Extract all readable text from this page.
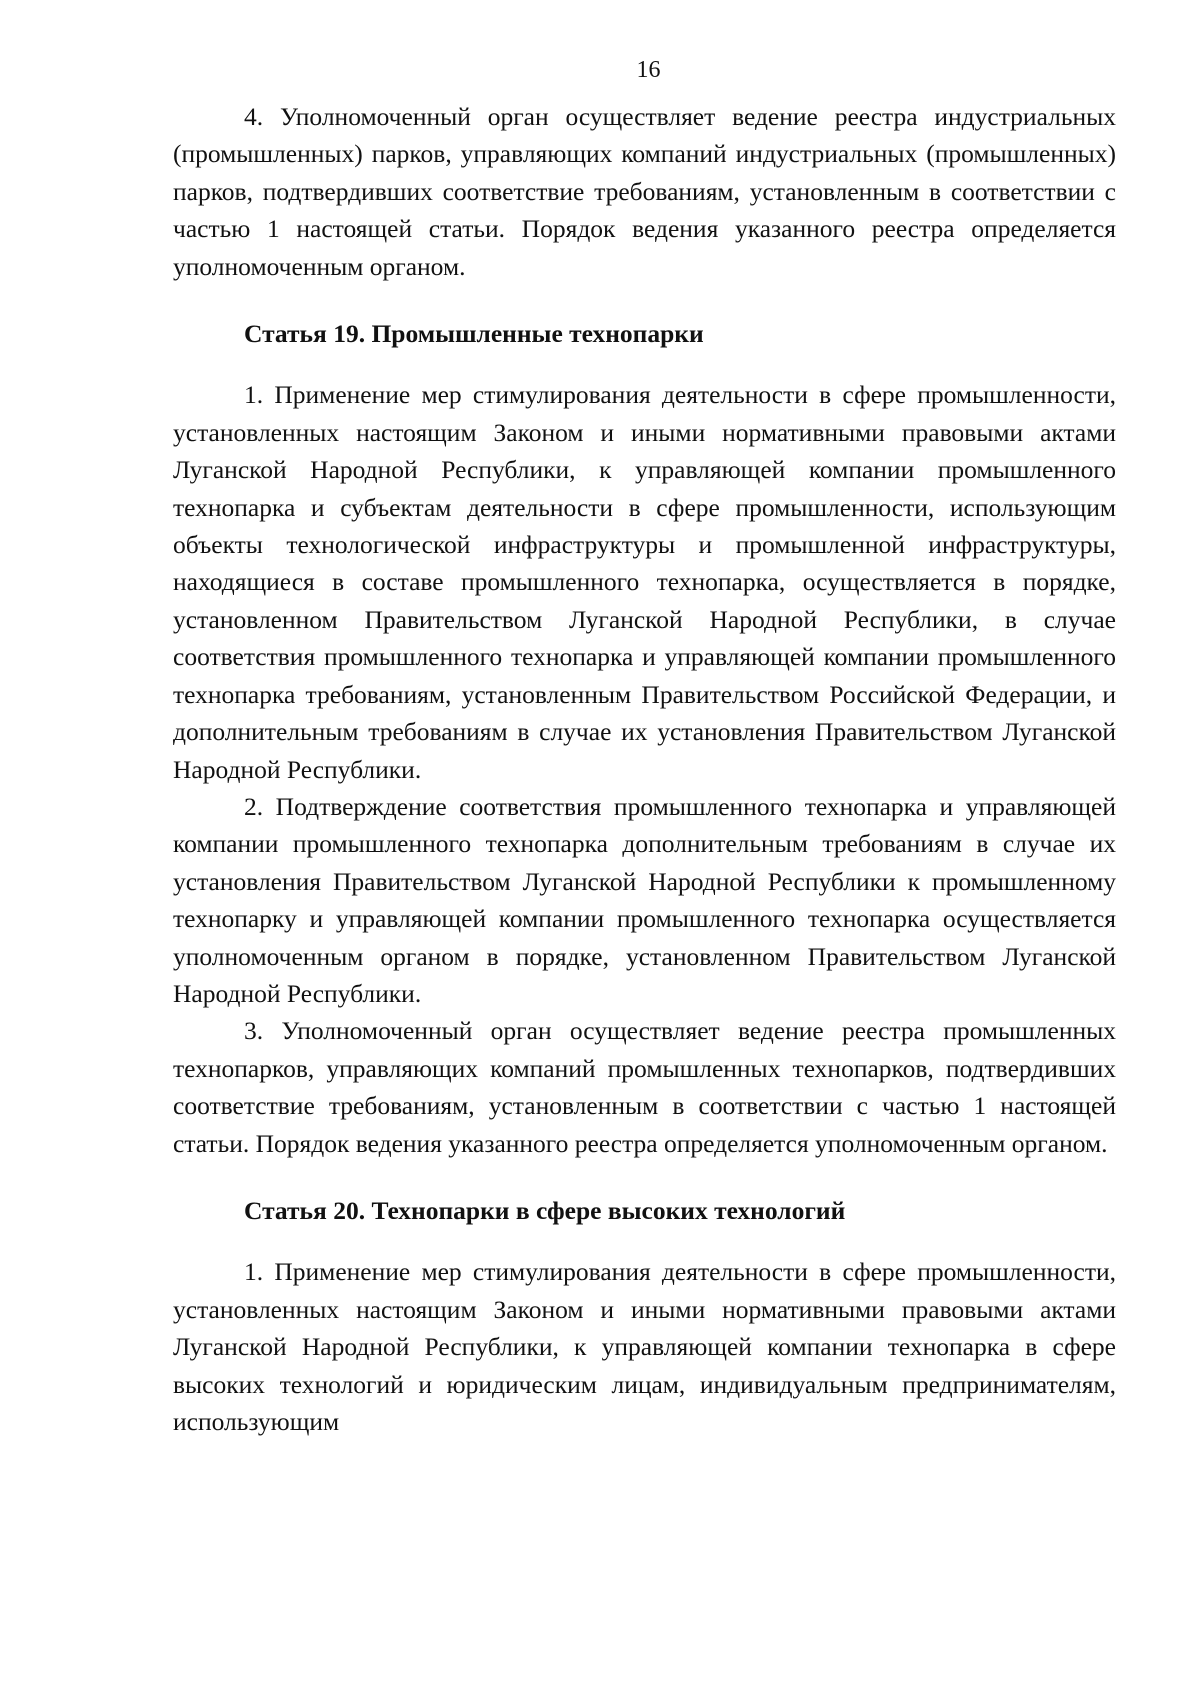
16

4. Уполномоченный орган осуществляет ведение реестра индустриальных (промышленных) парков, управляющих компаний индустриальных (промышленных) парков, подтвердивших соответствие требованиям, установленным в соответствии с частью 1 настоящей статьи. Порядок ведения указанного реестра определяется уполномоченным органом.

Статья 19. Промышленные технопарки

1. Применение мер стимулирования деятельности в сфере промышленности, установленных настоящим Законом и иными нормативными правовыми актами Луганской Народной Республики, к управляющей компании промышленного технопарка и субъектам деятельности в сфере промышленности, использующим объекты технологической инфраструктуры и промышленной инфраструктуры, находящиеся в составе промышленного технопарка, осуществляется в порядке, установленном Правительством Луганской Народной Республики, в случае соответствия промышленного технопарка и управляющей компании промышленного технопарка требованиям, установленным Правительством Российской Федерации, и дополнительным требованиям в случае их установления Правительством Луганской Народной Республики.

2. Подтверждение соответствия промышленного технопарка и управляющей компании промышленного технопарка дополнительным требованиям в случае их установления Правительством Луганской Народной Республики к промышленному технопарку и управляющей компании промышленного технопарка осуществляется уполномоченным органом в порядке, установленном Правительством Луганской Народной Республики.

3. Уполномоченный орган осуществляет ведение реестра промышленных технопарков, управляющих компаний промышленных технопарков, подтвердивших соответствие требованиям, установленным в соответствии с частью 1 настоящей статьи. Порядок ведения указанного реестра определяется уполномоченным органом.

Статья 20. Технопарки в сфере высоких технологий

1. Применение мер стимулирования деятельности в сфере промышленности, установленных настоящим Законом и иными нормативными правовыми актами Луганской Народной Республики, к управляющей компании технопарка в сфере высоких технологий и юридическим лицам, индивидуальным предпринимателям, использующим
